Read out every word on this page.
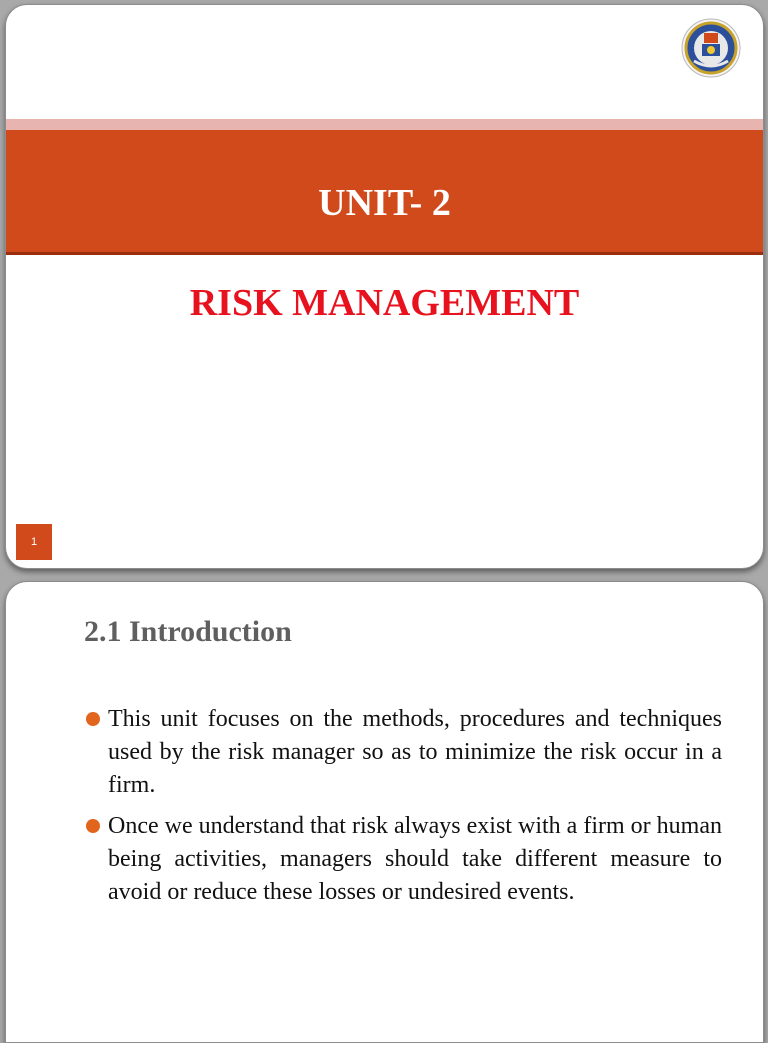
UNIT- 2
RISK MANAGEMENT
1
2.1 Introduction
This unit focuses on the methods, procedures and techniques used by the risk manager so as to minimize the risk occur in a firm.
Once we understand that risk always exist with a firm or human being activities, managers should take different measure to avoid or reduce these losses or undesired events.
